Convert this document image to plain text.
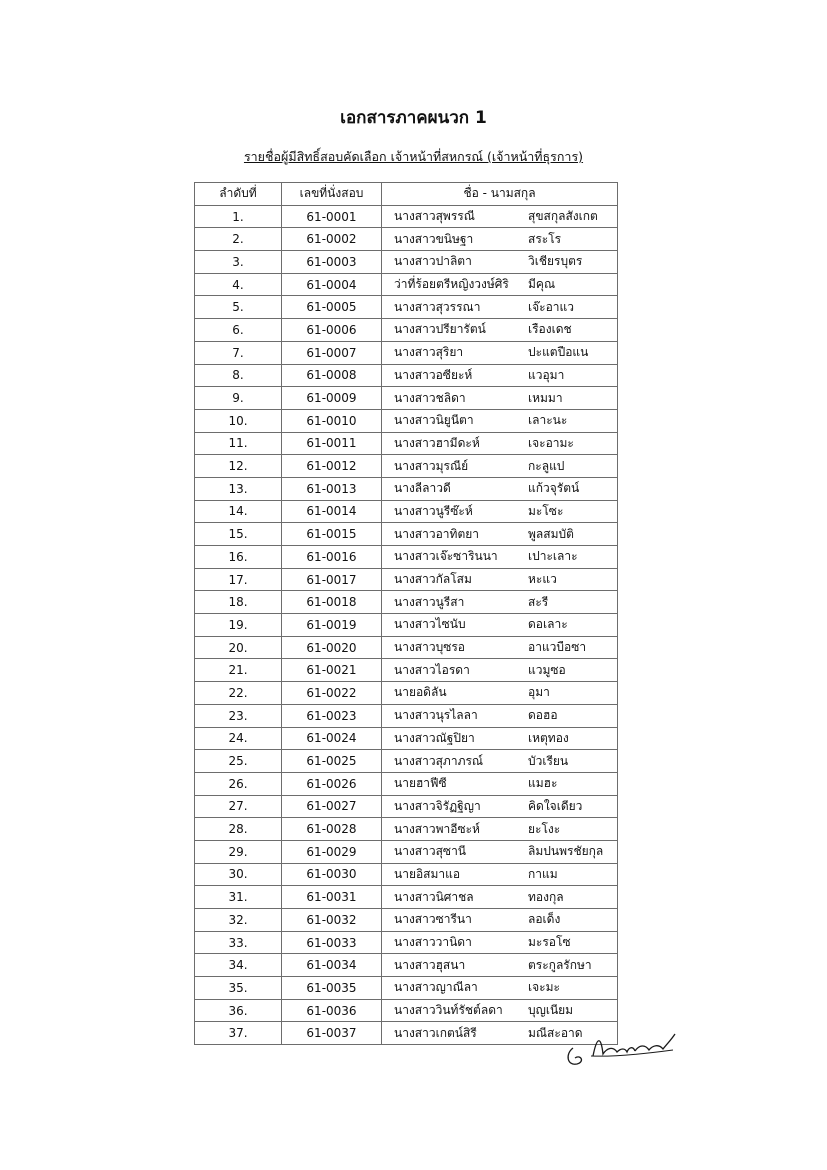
เอกสารภาคผนวก 1
รายชื่อผู้มีสิทธิ์สอบคัดเลือก เจ้าหน้าที่สหกรณ์ (เจ้าหน้าที่ธุรการ)
ลำดับที่	เลขที่นั่งสอบ	ชื่อ - นามสกุล
1.	61-0001	นางสาวสุพรรณี สุขสกุลสังเกต
2.	61-0002	นางสาวขนิษฐา สระโร
3.	61-0003	นางสาวปาลิตา วิเชียรบุตร
4.	61-0004	ว่าที่ร้อยตรีหญิงวงษ์ศิริ มีคุณ
5.	61-0005	นางสาวสุวรรณา เจ๊ะอาแว
6.	61-0006	นางสาวปรียารัตน์ เรืองเดช
7.	61-0007	นางสาวสุริยา ปะแตปือแน
8.	61-0008	นางสาวอซียะห์ แวอุมา
9.	61-0009	นางสาวชลิดา เหมมา
10.	61-0010	นางสาวนิยูนีตา เลาะนะ
11.	61-0011	นางสาวฮามีดะห์ เจะอามะ
12.	61-0012	นางสาวมุรณีย์ กะลูแป
13.	61-0013	นางลีลาวดี แก้วจุรัตน์
14.	61-0014	นางสาวนูรีซ๊ะห์ มะโซะ
15.	61-0015	นางสาวอาทิตยา พูลสมบัติ
16.	61-0016	นางสาวเจ๊ะซารินนา เปาะเลาะ
17.	61-0017	นางสาวกัลโสม หะแว
18.	61-0018	นางสาวนูรีสา สะรี
19.	61-0019	นางสาวไซนับ ดอเลาะ
20.	61-0020	นางสาวบุซรอ อาแวบือซา
21.	61-0021	นางสาวไอรดา แวมูซอ
22.	61-0022	นายอดิลัน อุมา
23.	61-0023	นางสาวนุรไลลา ดอฮอ
24.	61-0024	นางสาวณัฐปิยา เหตุทอง
25.	61-0025	นางสาวสุภาภรณ์ บัวเรียน
26.	61-0026	นายฮาฟีซี แมฮะ
27.	61-0027	นางสาวจิรัฏฐิญา คิดใจเดียว
28.	61-0028	นางสาวพาอีซะห์ ยะโงะ
29.	61-0029	นางสาวสุซานี ลิมปนพรชัยกุล
30.	61-0030	นายอิสมาแอ กาแม
31.	61-0031	นางสาวนิศาชล ทองกุล
32.	61-0032	นางสาวซารีนา ลอเด็ง
33.	61-0033	นางสาววานิดา มะรอโซ
34.	61-0034	นางสาวฮุสนา ตระกูลรักษา
35.	61-0035	นางสาวญาณีลา เจะมะ
36.	61-0036	นางสาววินท์รัชต์ลดา บุญเนียม
37.	61-0037	นางสาวเกตน์สิรี มณีสะอาด
